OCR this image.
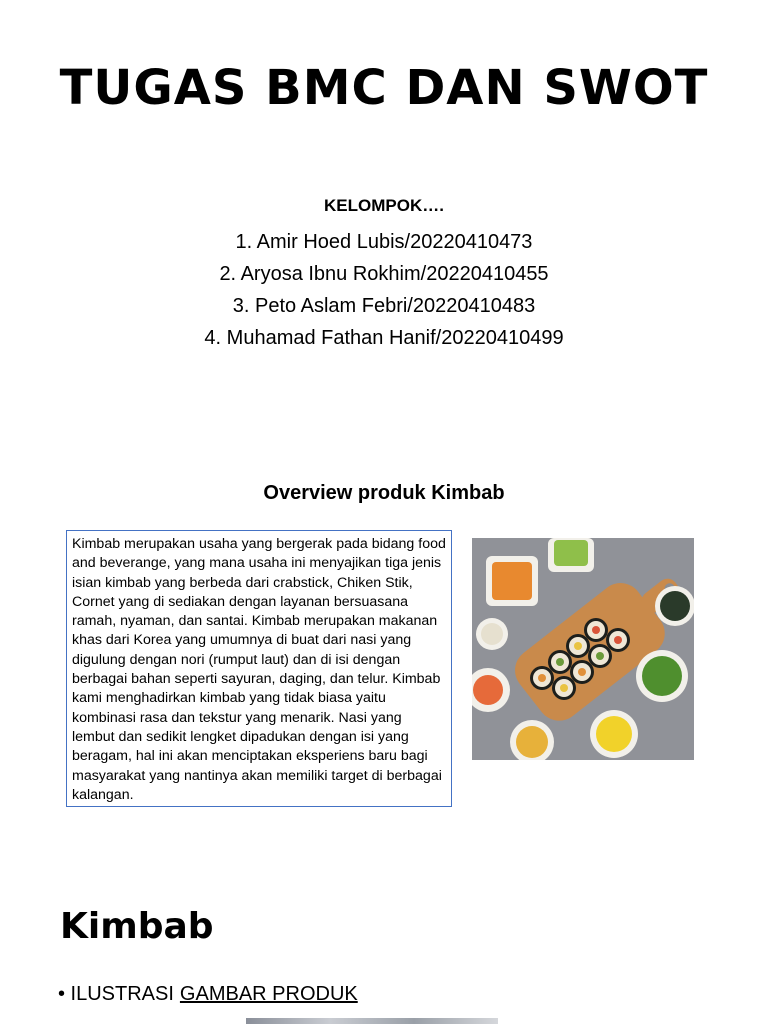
TUGAS BMC DAN SWOT
KELOMPOK….
1. Amir Hoed Lubis/20220410473
2. Aryosa Ibnu Rokhim/20220410455
3. Peto Aslam Febri/20220410483
4. Muhamad Fathan Hanif/20220410499
Overview produk Kimbab
Kimbab merupakan usaha yang bergerak pada bidang food and beverange, yang mana usaha ini menyajikan tiga jenis isian kimbab yang berbeda dari crabstick, Chiken Stik, Cornet yang di sediakan dengan layanan bersuasana ramah, nyaman, dan santai. Kimbab merupakan makanan khas dari Korea yang umumnya di buat dari nasi yang digulung dengan nori (rumput laut) dan di isi dengan berbagai bahan seperti sayuran, daging, dan telur. Kimbab kami menghadirkan kimbab yang tidak biasa yaitu kombinasi rasa dan tekstur yang menarik. Nasi yang lembut dan sedikit lengket dipadukan dengan isi yang beragam, hal ini akan menciptakan eksperiens baru bagi masyarakat yang nantinya akan memiliki target di berbagai kalangan.
Kimbab
• ILUSTRASI GAMBAR PRODUK
